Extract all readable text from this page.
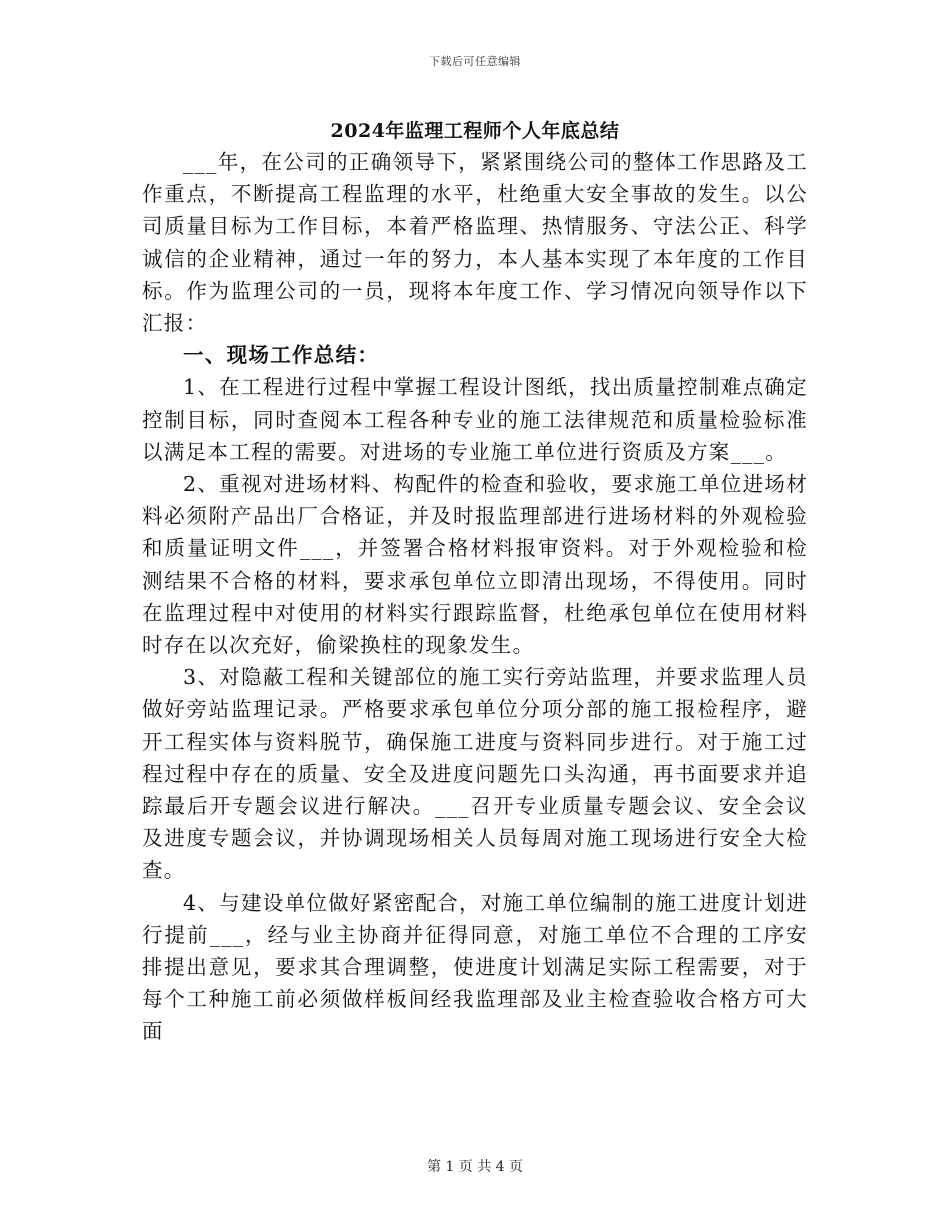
下载后可任意编辑
2024年监理工程师个人年底总结

___年，在公司的正确领导下，紧紧围绕公司的整体工作思路及工作重点，不断提高工程监理的水平，杜绝重大安全事故的发生。以公司质量目标为工作目标，本着严格监理、热情服务、守法公正、科学诚信的企业精神，通过一年的努力，本人基本实现了本年度的工作目标。作为监理公司的一员，现将本年度工作、学习情况向领导作以下汇报：

一、现场工作总结：

1、在工程进行过程中掌握工程设计图纸，找出质量控制难点确定控制目标，同时查阅本工程各种专业的施工法律规范和质量检验标准以满足本工程的需要。对进场的专业施工单位进行资质及方案___。

2、重视对进场材料、构配件的检查和验收，要求施工单位进场材料必须附产品出厂合格证，并及时报监理部进行进场材料的外观检验和质量证明文件___，并签署合格材料报审资料。对于外观检验和检测结果不合格的材料，要求承包单位立即清出现场，不得使用。同时在监理过程中对使用的材料实行跟踪监督，杜绝承包单位在使用材料时存在以次充好，偷梁换柱的现象发生。

3、对隐蔽工程和关键部位的施工实行旁站监理，并要求监理人员做好旁站监理记录。严格要求承包单位分项分部的施工报检程序，避开工程实体与资料脱节，确保施工进度与资料同步进行。对于施工过程过程中存在的质量、安全及进度问题先口头沟通，再书面要求并追踪最后开专题会议进行解决。___召开专业质量专题会议、安全会议及进度专题会议，并协调现场相关人员每周对施工现场进行安全大检查。

4、与建设单位做好紧密配合，对施工单位编制的施工进度计划进行提前___，经与业主协商并征得同意，对施工单位不合理的工序安排提出意见，要求其合理调整，使进度计划满足实际工程需要，对于每个工种施工前必须做样板间经我监理部及业主检查验收合格方可大面

第 1 页 共 4 页
